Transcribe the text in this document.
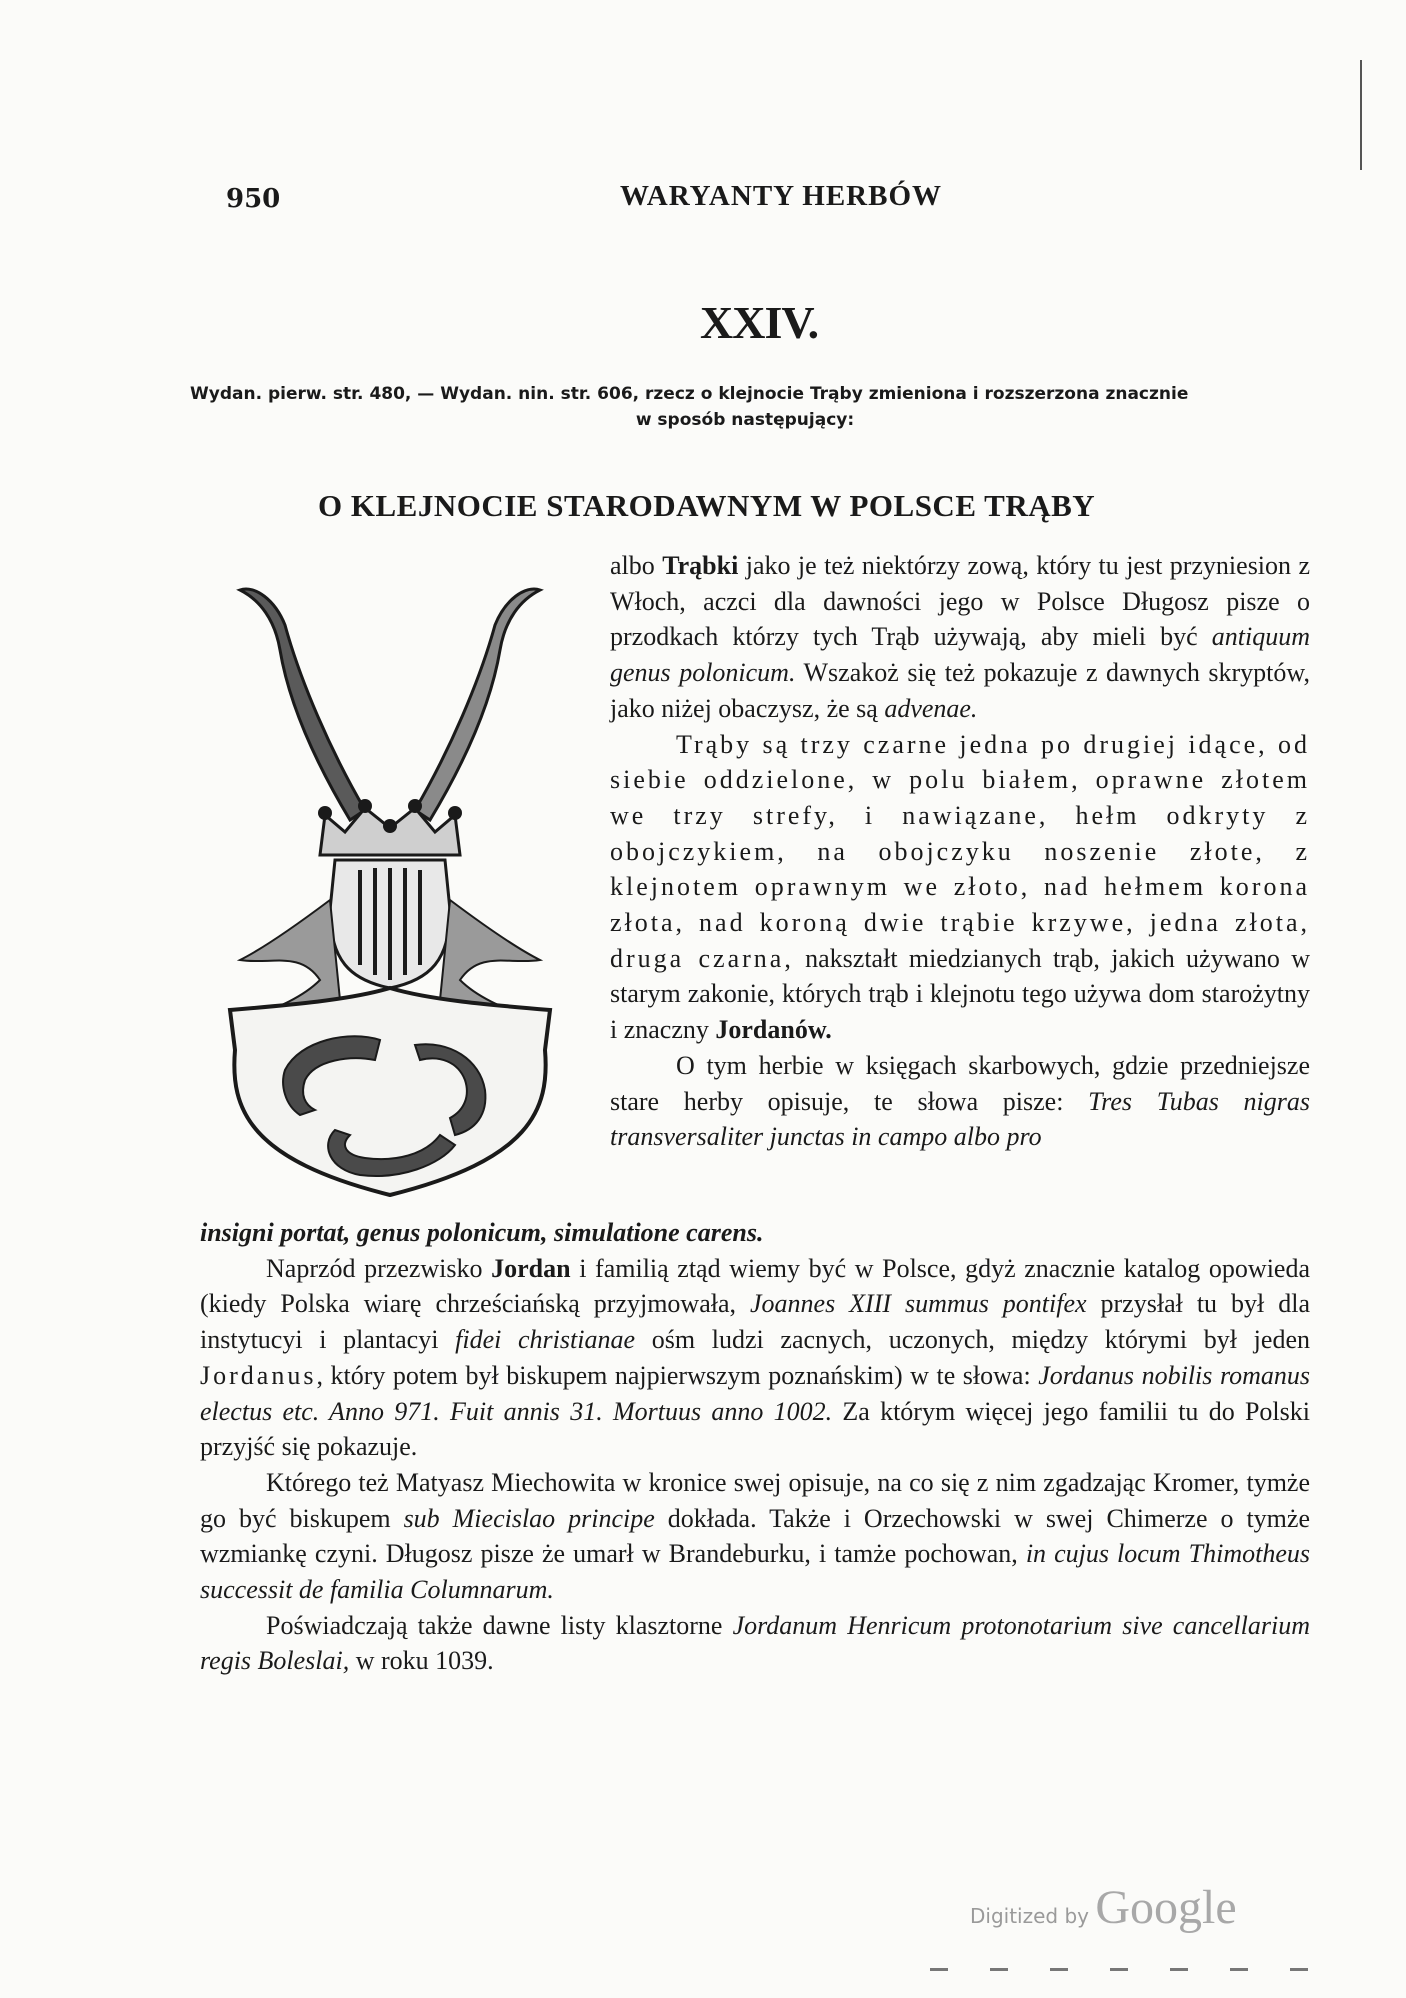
950	WARYANTY HERBÓW
XXIV.
Wydan. pierw. str. 480, — Wydan. nin. str. 606, rzecz o klejnocie Trąby zmieniona i rozszerzona znacznie
w sposób następujący:
O KLEJNOCIE STARODAWNYM W POLSCE TRĄBY

albo Trąbki jako je też niektórzy zową, który tu jest przyniesion z Włoch, aczci dla dawności jego w Polsce Długosz pisze o przodkach którzy tych Trąb używają, aby mieli być antiquum genus polonicum. Wszakoż się też pokazuje z dawnych skryptów, jako niżej obaczysz, że są advenae.

Trąby są trzy czarne jedna po drugiej idące, od siebie oddzielone, w polu białem, oprawne złotem we trzy strefy, i nawiązane, hełm odkryty z obojczykiem, na obojczyku noszenie złote, z klejnotem oprawnym we złoto, nad hełmem korona złota, nad koroną dwie trąbie krzywe, jedna złota, druga czarna, nakształt miedzianych trąb, jakich używano w starym zakonie, których trąb i klejnotu tego używa dom starożytny i znaczny Jordanów.

O tym herbie w księgach skarbowych, gdzie przedniejsze stare herby opisuje, te słowa pisze: Tres Tubas nigras transversaliter junctas in campo albo pro

insigni portat, genus polonicum, simulatione carens.

Naprzód przezwisko Jordan i familią ztąd wiemy być w Polsce, gdyż znacznie katalog opowieda (kiedy Polska wiarę chrześciańską przyjmowała, Joannes XIII summus pontifex przysłał tu był dla instytucyi i plantacyi fidei christianae ośm ludzi zacnych, uczonych, między którymi był jeden Jordanus, który potem był biskupem najpierwszym poznańskim) w te słowa: Jordanus nobilis romanus electus etc. Anno 971. Fuit annis 31. Mortuus anno 1002. Za którym więcej jego familii tu do Polski przyjść się pokazuje.

Którego też Matyasz Miechowita w kronice swej opisuje, na co się z nim zgadzając Kromer, tymże go być biskupem sub Miecislao principe dokłada. Także i Orzechowski w swej Chimerze o tymże wzmiankę czyni. Długosz pisze że umarł w Brandeburku, i tamże pochowan, in cujus locum Thimotheus successit de familia Columnarum.

Poświadczają także dawne listy klasztorne Jordanum Henricum protonotarium sive cancellarium regis Boleslai, w roku 1039.

Digitized by Google
